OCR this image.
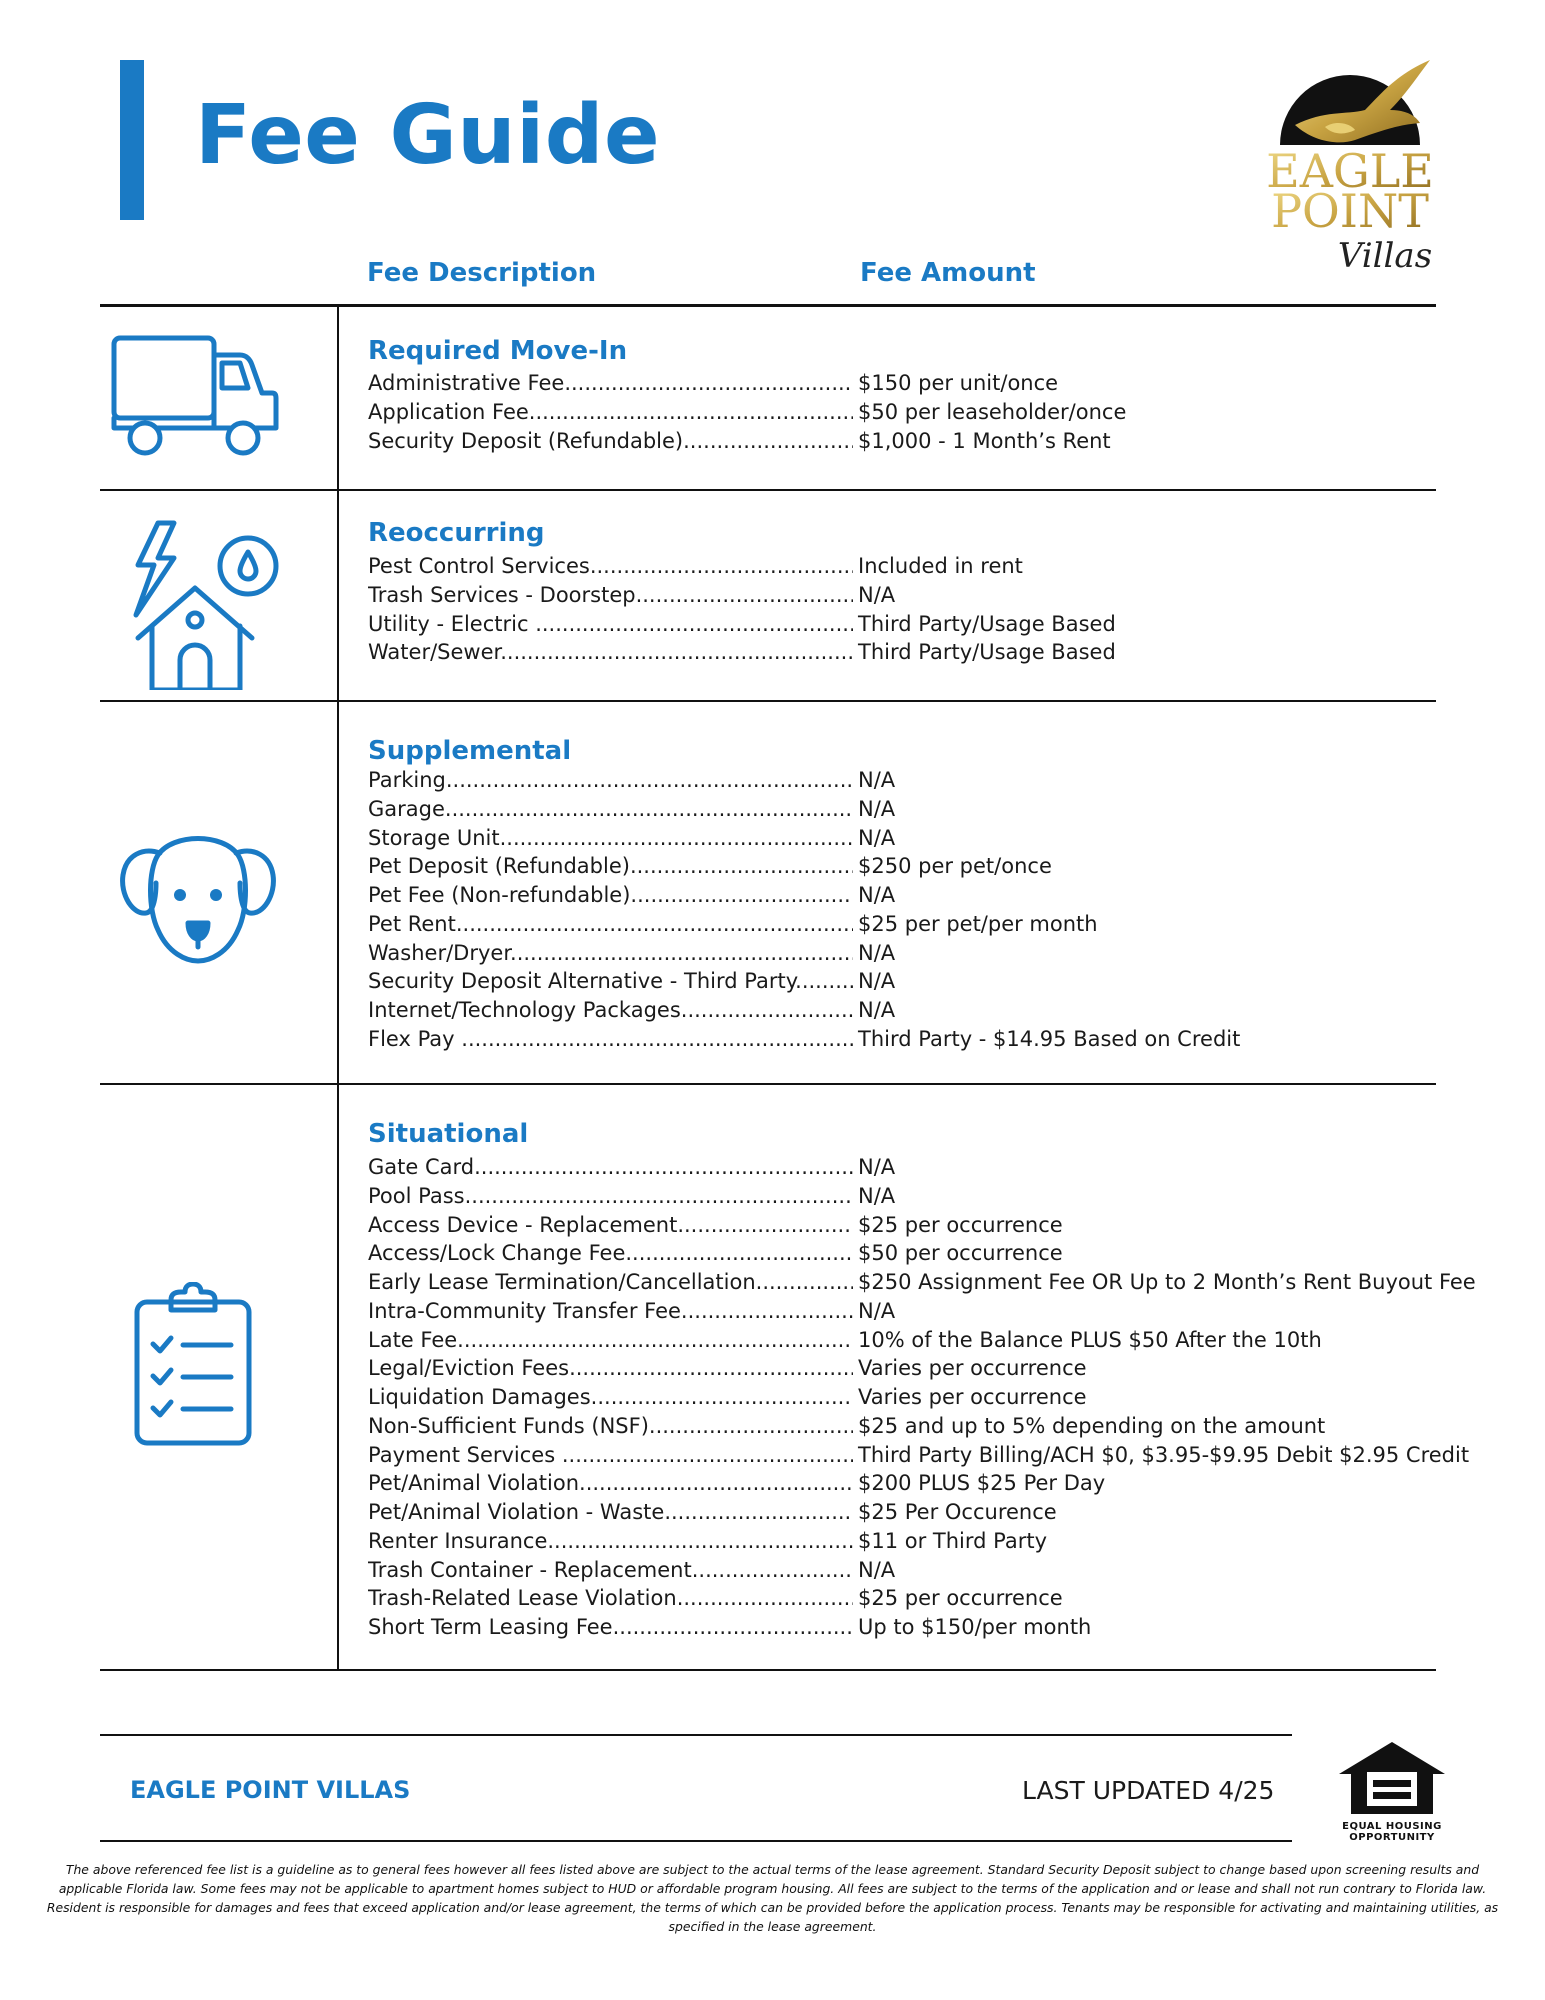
Fee Guide	EAGLE
POINT
Villas
Fee Description	Fee Amount
Required Move-In
Administrative Fee .....	$150 per unit/once
Application Fee .....	$50 per leaseholder/once
Security Deposit (Refundable) .....	$1,000 - 1 Month’s Rent
Reoccurring
Pest Control Services .....	Included in rent
Trash Services - Doorstep .....	N/A
Utility - Electric .....	Third Party/Usage Based
Water/Sewer .....	Third Party/Usage Based
Supplemental
Parking .....	N/A
Garage .....	N/A
Storage Unit .....	N/A
Pet Deposit (Refundable) .....	$250 per pet/once
Pet Fee (Non-refundable) .....	N/A
Pet Rent .....	$25 per pet/per month
Washer/Dryer .....	N/A
Security Deposit Alternative - Third Party .....	N/A
Internet/Technology Packages .....	N/A
Flex Pay .....	Third Party - $14.95 Based on Credit
Situational
Gate Card .....	N/A
Pool Pass .....	N/A
Access Device - Replacement .....	$25 per occurrence
Access/Lock Change Fee .....	$50 per occurrence
Early Lease Termination/Cancellation .....	$250 Assignment Fee OR Up to 2 Month’s Rent Buyout Fee
Intra-Community Transfer Fee .....	N/A
Late Fee .....	10% of the Balance PLUS $50 After the 10th
Legal/Eviction Fees .....	Varies per occurrence
Liquidation Damages .....	Varies per occurrence
Non-Sufficient Funds (NSF) .....	$25 and up to 5% depending on the amount
Payment Services .....	Third Party Billing/ACH $0, $3.95-$9.95 Debit $2.95 Credit
Pet/Animal Violation .....	$200 PLUS $25 Per Day
Pet/Animal Violation - Waste .....	$25 Per Occurence
Renter Insurance .....	$11 or Third Party
Trash Container - Replacement .....	N/A
Trash-Related Lease Violation .....	$25 per occurrence
Short Term Leasing Fee .....	Up to $150/per month
EAGLE POINT VILLAS	LAST UPDATED 4/25
EQUAL HOUSING
OPPORTUNITY
The above referenced fee list is a guideline as to general fees however all fees listed above are subject to the actual terms of the lease agreement. Standard Security Deposit subject to change based upon screening results and applicable Florida law. Some fees may not be applicable to apartment homes subject to HUD or affordable program housing. All fees are subject to the terms of the application and or lease and shall not run contrary to Florida law. Resident is responsible for damages and fees that exceed application and/or lease agreement, the terms of which can be provided before the application process. Tenants may be responsible for activating and maintaining utilities, as specified in the lease agreement.
